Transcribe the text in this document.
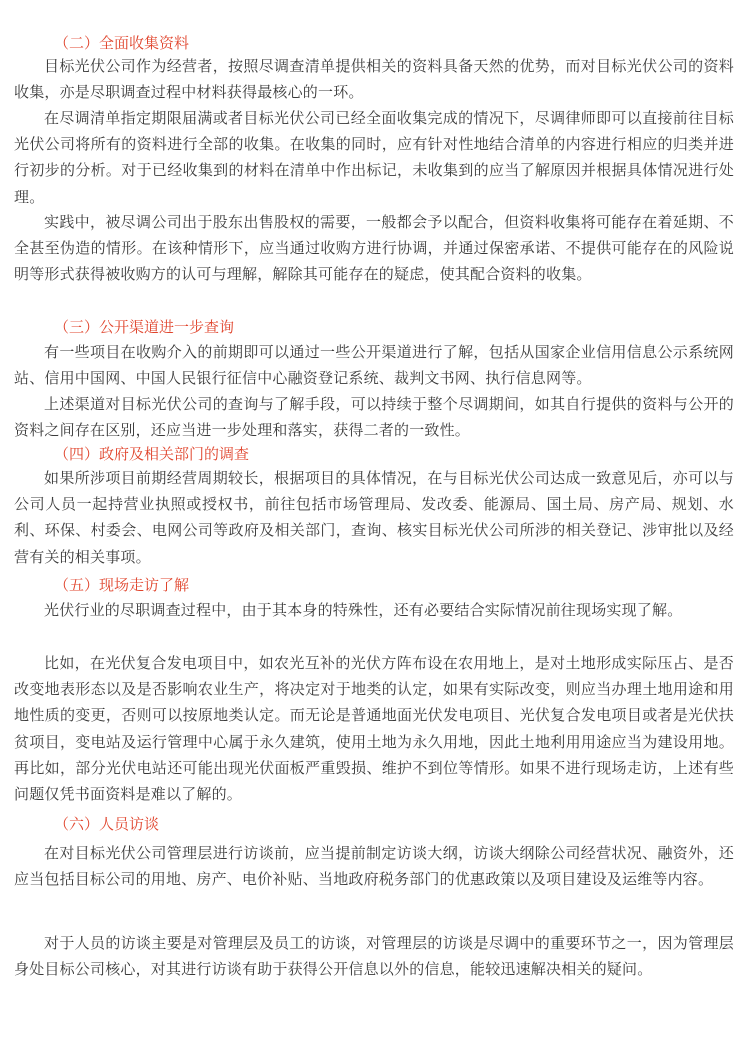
（二）全面收集资料

目标光伏公司作为经营者，按照尽调查清单提供相关的资料具备天然的优势，而对目标光伏公司的资料收集，亦是尽职调查过程中材料获得最核心的一环。

在尽调清单指定期限届满或者目标光伏公司已经全面收集完成的情况下，尽调律师即可以直接前往目标光伏公司将所有的资料进行全部的收集。在收集的同时，应有针对性地结合清单的内容进行相应的归类并进行初步的分析。对于已经收集到的材料在清单中作出标记，未收集到的应当了解原因并根据具体情况进行处理。

实践中，被尽调公司出于股东出售股权的需要，一般都会予以配合，但资料收集将可能存在着延期、不全甚至伪造的情形。在该种情形下，应当通过收购方进行协调，并通过保密承诺、不提供可能存在的风险说明等形式获得被收购方的认可与理解，解除其可能存在的疑虑，使其配合资料的收集。

（三）公开渠道进一步查询

有一些项目在收购介入的前期即可以通过一些公开渠道进行了解，包括从国家企业信用信息公示系统网站、信用中国网、中国人民银行征信中心融资登记系统、裁判文书网、执行信息网等。

上述渠道对目标光伏公司的查询与了解手段，可以持续于整个尽调期间，如其自行提供的资料与公开的资料之间存在区别，还应当进一步处理和落实，获得二者的一致性。

（四）政府及相关部门的调查

如果所涉项目前期经营周期较长，根据项目的具体情况，在与目标光伏公司达成一致意见后，亦可以与公司人员一起持营业执照或授权书，前往包括市场管理局、发改委、能源局、国土局、房产局、规划、水利、环保、村委会、电网公司等政府及相关部门，查询、核实目标光伏公司所涉的相关登记、涉审批以及经营有关的相关事项。

（五）现场走访了解

光伏行业的尽职调查过程中，由于其本身的特殊性，还有必要结合实际情况前往现场实现了解。

比如，在光伏复合发电项目中，如农光互补的光伏方阵布设在农用地上，是对土地形成实际压占、是否改变地表形态以及是否影响农业生产，将决定对于地类的认定，如果有实际改变，则应当办理土地用途和用地性质的变更，否则可以按原地类认定。而无论是普通地面光伏发电项目、光伏复合发电项目或者是光伏扶贫项目，变电站及运行管理中心属于永久建筑，使用土地为永久用地，因此土地利用用途应当为建设用地。再比如，部分光伏电站还可能出现光伏面板严重毁损、维护不到位等情形。如果不进行现场走访，上述有些问题仅凭书面资料是难以了解的。

（六）人员访谈

在对目标光伏公司管理层进行访谈前，应当提前制定访谈大纲，访谈大纲除公司经营状况、融资外，还应当包括目标公司的用地、房产、电价补贴、当地政府税务部门的优惠政策以及项目建设及运维等内容。

对于人员的访谈主要是对管理层及员工的访谈，对管理层的访谈是尽调中的重要环节之一，因为管理层身处目标公司核心，对其进行访谈有助于获得公开信息以外的信息，能较迅速解决相关的疑问。
